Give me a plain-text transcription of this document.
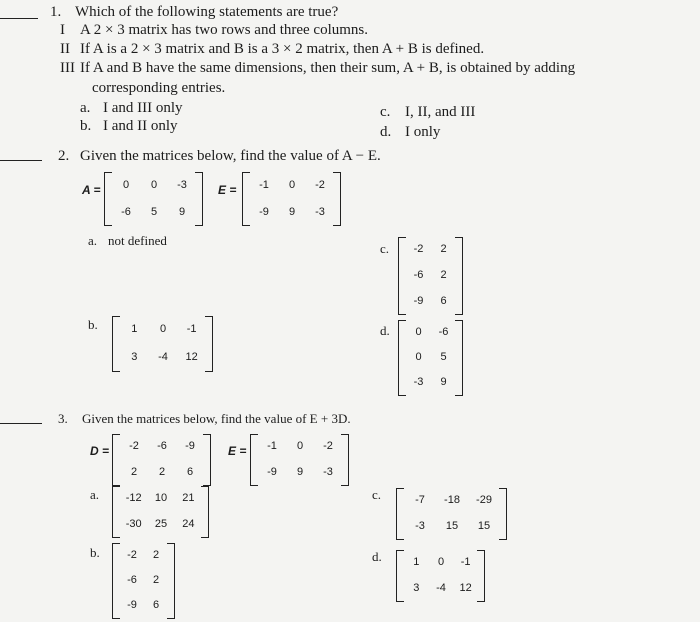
1. Which of the following statements are true?
I A 2 × 3 matrix has two rows and three columns.
II If A is a 2 × 3 matrix and B is a 3 × 2 matrix, then A + B is defined.
III If A and B have the same dimensions, then their sum, A + B, is obtained by adding
corresponding entries.
a. I and III only
b. I and II only
c. I, II, and III
d. I only
2. Given the matrices below, find the value of A − E.
A =	0	0	-3
-6	5	9
E =	-1	0	-2
-9	9	-3
a. not defined
b.	1	0	-1
3	-4	12
c.	-2	2
-6	2
-9	6
d.	0	-6
0	5
-3	9
3. Given the matrices below, find the value of E + 3D.
D =	-2	-6	-9
2	2	6
E =	-1	0	-2
-9	9	-3
a.	-12	10	21
-30	25	24
b.	-2	2
-6	2
-9	6
c.	-7	-18	-29
-3	15	15
d.	1	0	-1
3	-4	12
